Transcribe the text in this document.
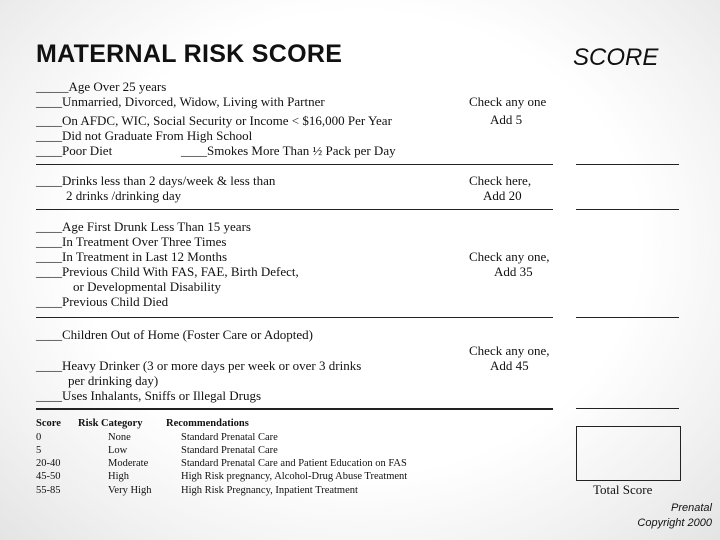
MATERNAL RISK SCORE	SCORE
_____Age Over 25 years
____Unmarried, Divorced, Widow, Living with Partner
____On AFDC, WIC, Social Security or Income < $16,000 Per Year
____Did not Graduate From High School
____Poor Diet	____Smokes More Than ½ Pack per Day
Check any one
Add 5
____Drinks less than 2 days/week & less than
2 drinks /drinking day
Check here,
Add 20
____Age First Drunk Less Than 15 years
____In Treatment Over Three Times
____In Treatment in Last 12 Months
____Previous Child With FAS, FAE, Birth Defect,
or Developmental Disability
____Previous Child Died
Check any one,
Add 35
____Children Out of Home (Foster Care or Adopted)
____Heavy Drinker (3 or more days per week or over 3 drinks
per drinking day)
____Uses Inhalants, Sniffs or Illegal Drugs
Check any one,
Add 45
Score Risk Category Recommendations
0	None	Standard Prenatal Care
5	Low	Standard Prenatal Care
20-40	Moderate	Standard Prenatal Care and Patient Education on FAS
45-50	High	High Risk pregnancy, Alcohol-Drug Abuse Treatment
55-85	Very High	High Risk Pregnancy, Inpatient Treatment	Total Score
Prenatal
Copyright 2000
